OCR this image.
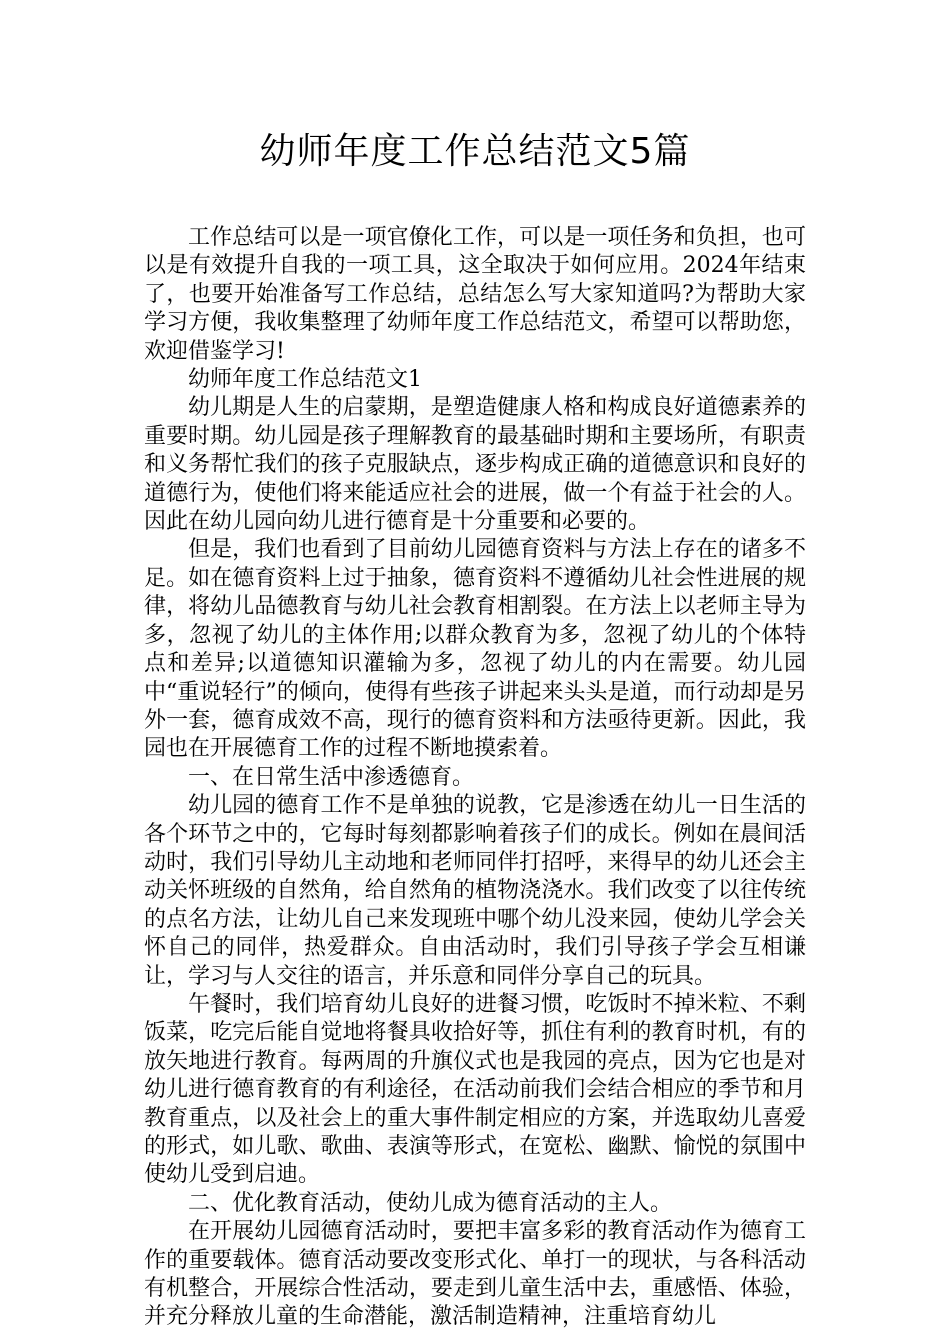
幼师年度工作总结范文5篇

工作总结可以是一项官僚化工作，可以是一项任务和负担，也可以是有效提升自我的一项工具，这全取决于如何应用。2024年结束了，也要开始准备写工作总结，总结怎么写大家知道吗?为帮助大家学习方便，我收集整理了幼师年度工作总结范文，希望可以帮助您，欢迎借鉴学习!

幼师年度工作总结范文1

幼儿期是人生的启蒙期，是塑造健康人格和构成良好道德素养的重要时期。幼儿园是孩子理解教育的最基础时期和主要场所，有职责和义务帮忙我们的孩子克服缺点，逐步构成正确的道德意识和良好的道德行为，使他们将来能适应社会的进展，做一个有益于社会的人。因此在幼儿园向幼儿进行德育是十分重要和必要的。

但是，我们也看到了目前幼儿园德育资料与方法上存在的诸多不足。如在德育资料上过于抽象，德育资料不遵循幼儿社会性进展的规律，将幼儿品德教育与幼儿社会教育相割裂。在方法上以老师主导为多，忽视了幼儿的主体作用;以群众教育为多，忽视了幼儿的个体特点和差异;以道德知识灌输为多，忽视了幼儿的内在需要。幼儿园中“重说轻行”的倾向，使得有些孩子讲起来头头是道，而行动却是另外一套，德育成效不高，现行的德育资料和方法亟待更新。因此，我园也在开展德育工作的过程不断地摸索着。

一、在日常生活中渗透德育。

幼儿园的德育工作不是单独的说教，它是渗透在幼儿一日生活的各个环节之中的，它每时每刻都影响着孩子们的成长。例如在晨间活动时，我们引导幼儿主动地和老师同伴打招呼，来得早的幼儿还会主动关怀班级的自然角，给自然角的植物浇浇水。我们改变了以往传统的点名方法，让幼儿自己来发现班中哪个幼儿没来园，使幼儿学会关怀自己的同伴，热爱群众。自由活动时，我们引导孩子学会互相谦让，学习与人交往的语言，并乐意和同伴分享自己的玩具。

午餐时，我们培育幼儿良好的进餐习惯，吃饭时不掉米粒、不剩饭菜，吃完后能自觉地将餐具收拾好等，抓住有利的教育时机，有的放矢地进行教育。每两周的升旗仪式也是我园的亮点，因为它也是对幼儿进行德育教育的有利途径，在活动前我们会结合相应的季节和月教育重点，以及社会上的重大事件制定相应的方案，并选取幼儿喜爱的形式，如儿歌、歌曲、表演等形式，在宽松、幽默、愉悦的氛围中使幼儿受到启迪。

二、优化教育活动，使幼儿成为德育活动的主人。

在开展幼儿园德育活动时，要把丰富多彩的教育活动作为德育工作的重要载体。德育活动要改变形式化、单打一的现状，与各科活动有机整合，开展综合性活动，要走到儿童生活中去，重感悟、体验，并充分释放儿童的生命潜能，激活制造精神，注重培育幼儿
